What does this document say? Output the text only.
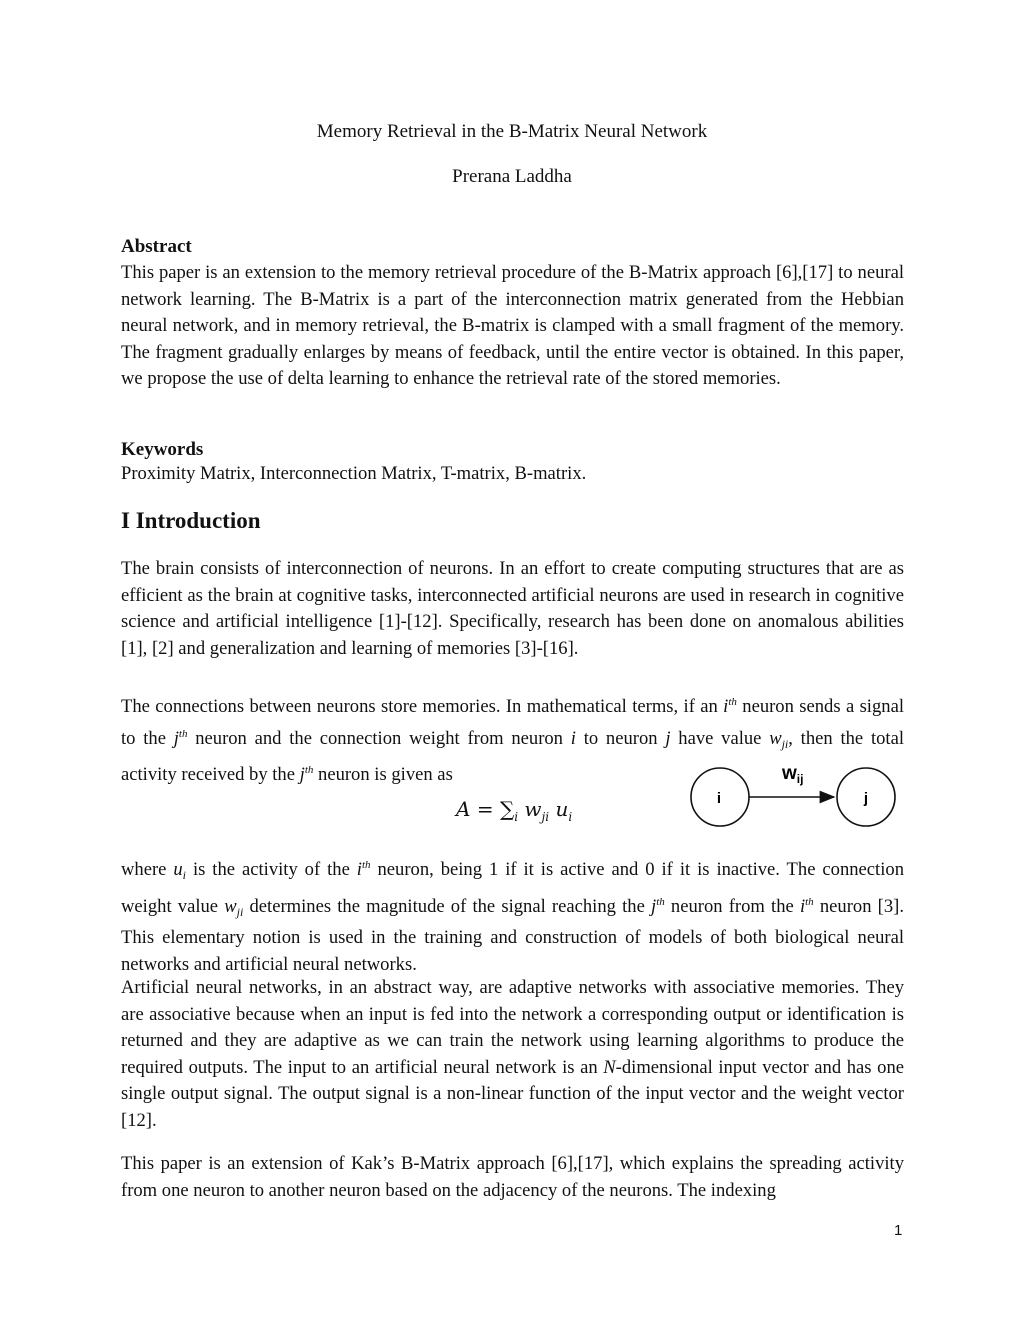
Memory Retrieval in the B-Matrix Neural Network
Prerana Laddha
Abstract

This paper is an extension to the memory retrieval procedure of the B-Matrix approach [6],[17] to neural network learning. The B-Matrix is a part of the interconnection matrix generated from the Hebbian neural network, and in memory retrieval, the B-matrix is clamped with a small fragment of the memory. The fragment gradually enlarges by means of feedback, until the entire vector is obtained. In this paper, we propose the use of delta learning to enhance the retrieval rate of the stored memories.

Keywords

Proximity Matrix, Interconnection Matrix, T-matrix, B-matrix.

I Introduction

The brain consists of interconnection of neurons. In an effort to create computing structures that are as efficient as the brain at cognitive tasks, interconnected artificial neurons are used in research in cognitive science and artificial intelligence [1]-[12]. Specifically, research has been done on anomalous abilities [1], [2] and generalization and learning of memories [3]-[16].

The connections between neurons store memories. In mathematical terms, if an $i^{th}$ neuron sends a signal to the $j^{th}$ neuron and the connection weight from neuron i to neuron j have value $w_{ji}$, then the total activity received by the $j^{th}$ neuron is given as

$A = \sum_i$ $w_{ji}$ $u_i$
i	j
$w_{ij}$

where $u_i$ is the activity of the $i^{th}$ neuron, being 1 if it is active and 0 if it is inactive. The connection weight value $w_{ji}$ determines the magnitude of the signal reaching the $j^{th}$ neuron from the $i^{th}$ neuron [3]. This elementary notion is used in the training and construction of models of both biological neural networks and artificial neural networks.

Artificial neural networks, in an abstract way, are adaptive networks with associative memories. They are associative because when an input is fed into the network a corresponding output or identification is returned and they are adaptive as we can train the network using learning algorithms to produce the required outputs. The input to an artificial neural network is an N-dimensional input vector and has one single output signal. The output signal is a non-linear function of the input vector and the weight vector [12].

This paper is an extension of Kak’s B-Matrix approach [6],[17], which explains the spreading activity from one neuron to another neuron based on the adjacency of the neurons. The indexing

1
